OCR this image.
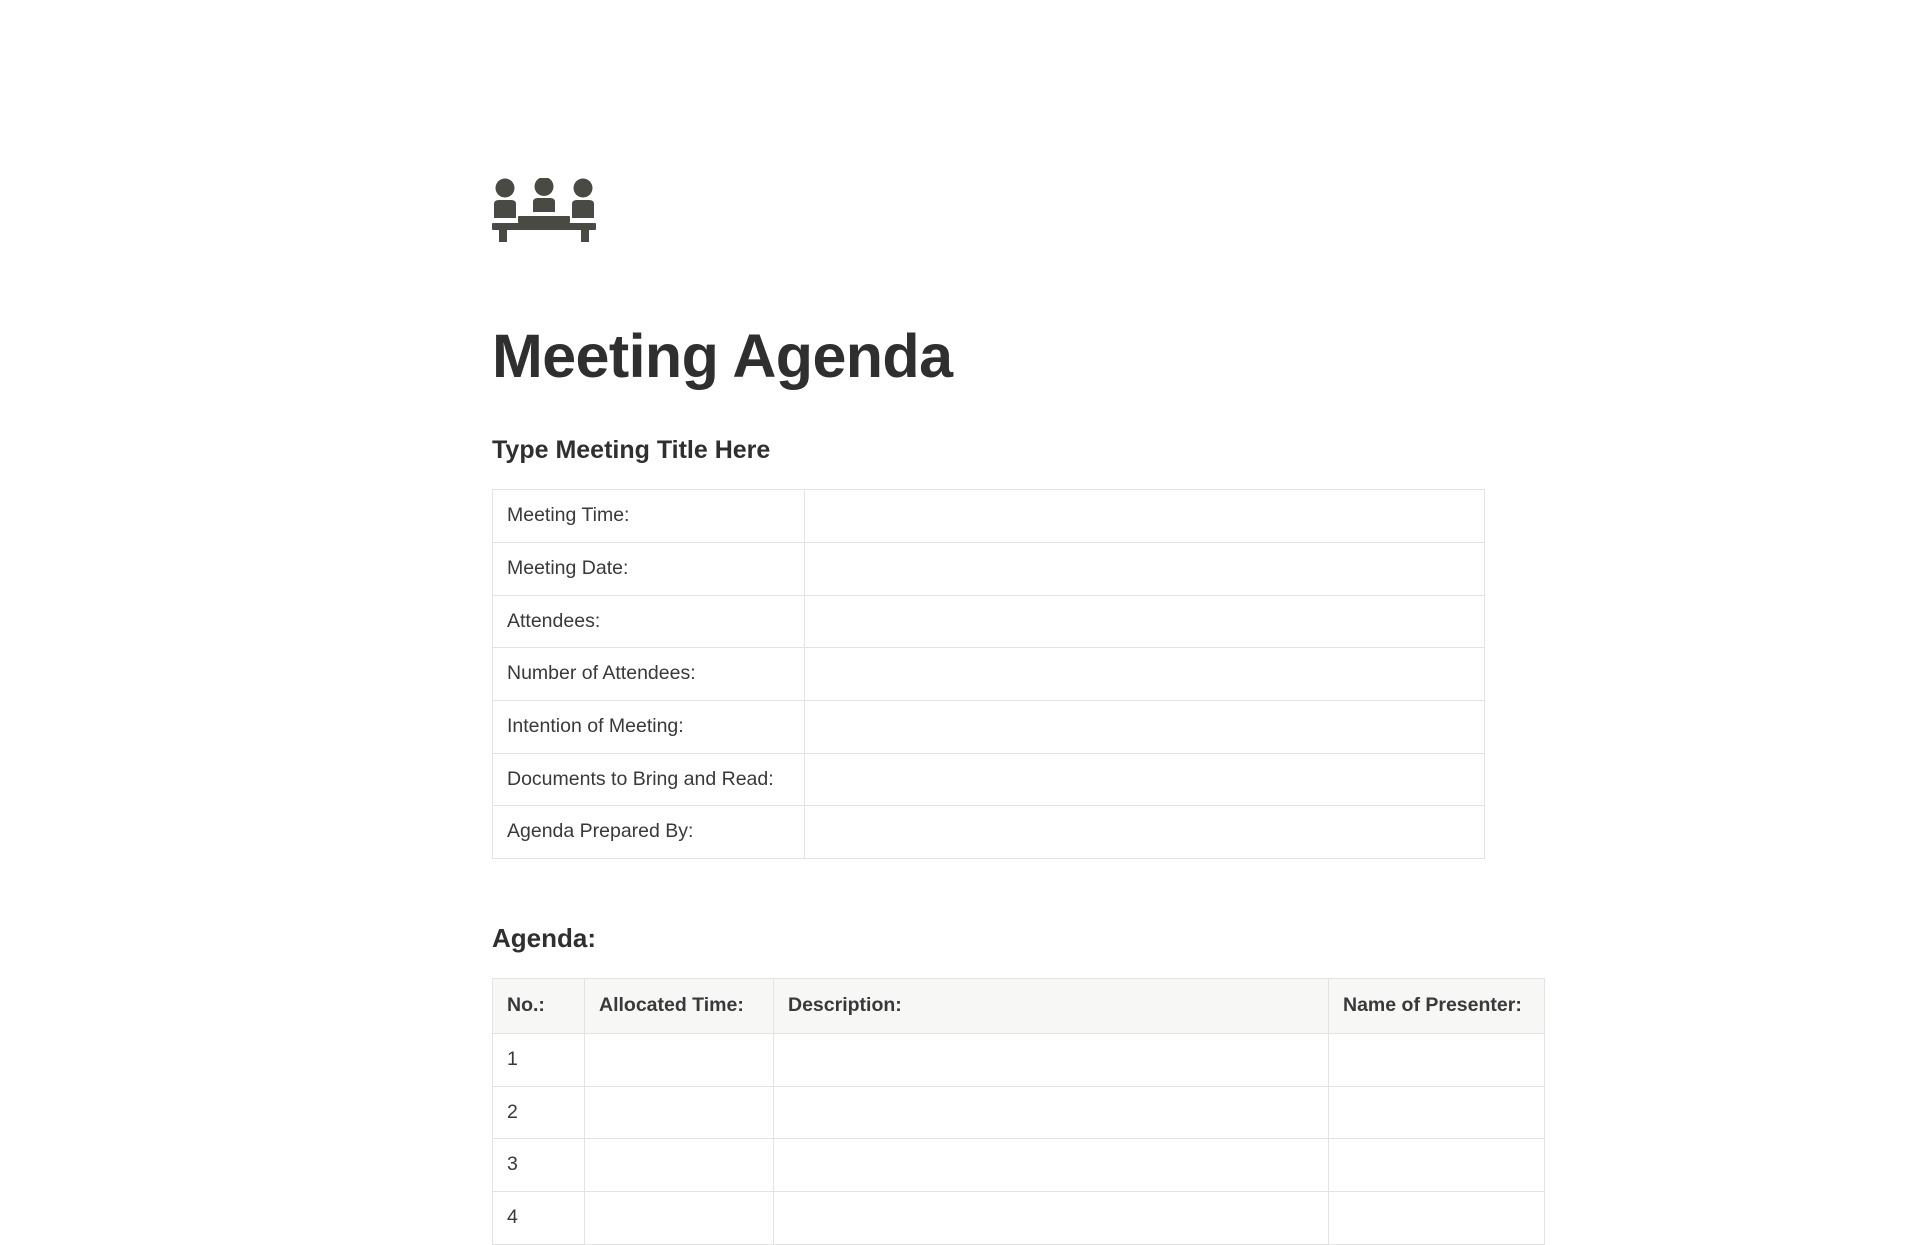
Meeting Agenda
Type Meeting Title Here
Meeting Time:	
Meeting Date:	
Attendees:	
Number of Attendees:	
Intention of Meeting:	
Documents to Bring and Read:	
Agenda Prepared By:	
Agenda:
No.:	Allocated Time:	Description:	Name of Presenter:
1			
2			
3			
4			
